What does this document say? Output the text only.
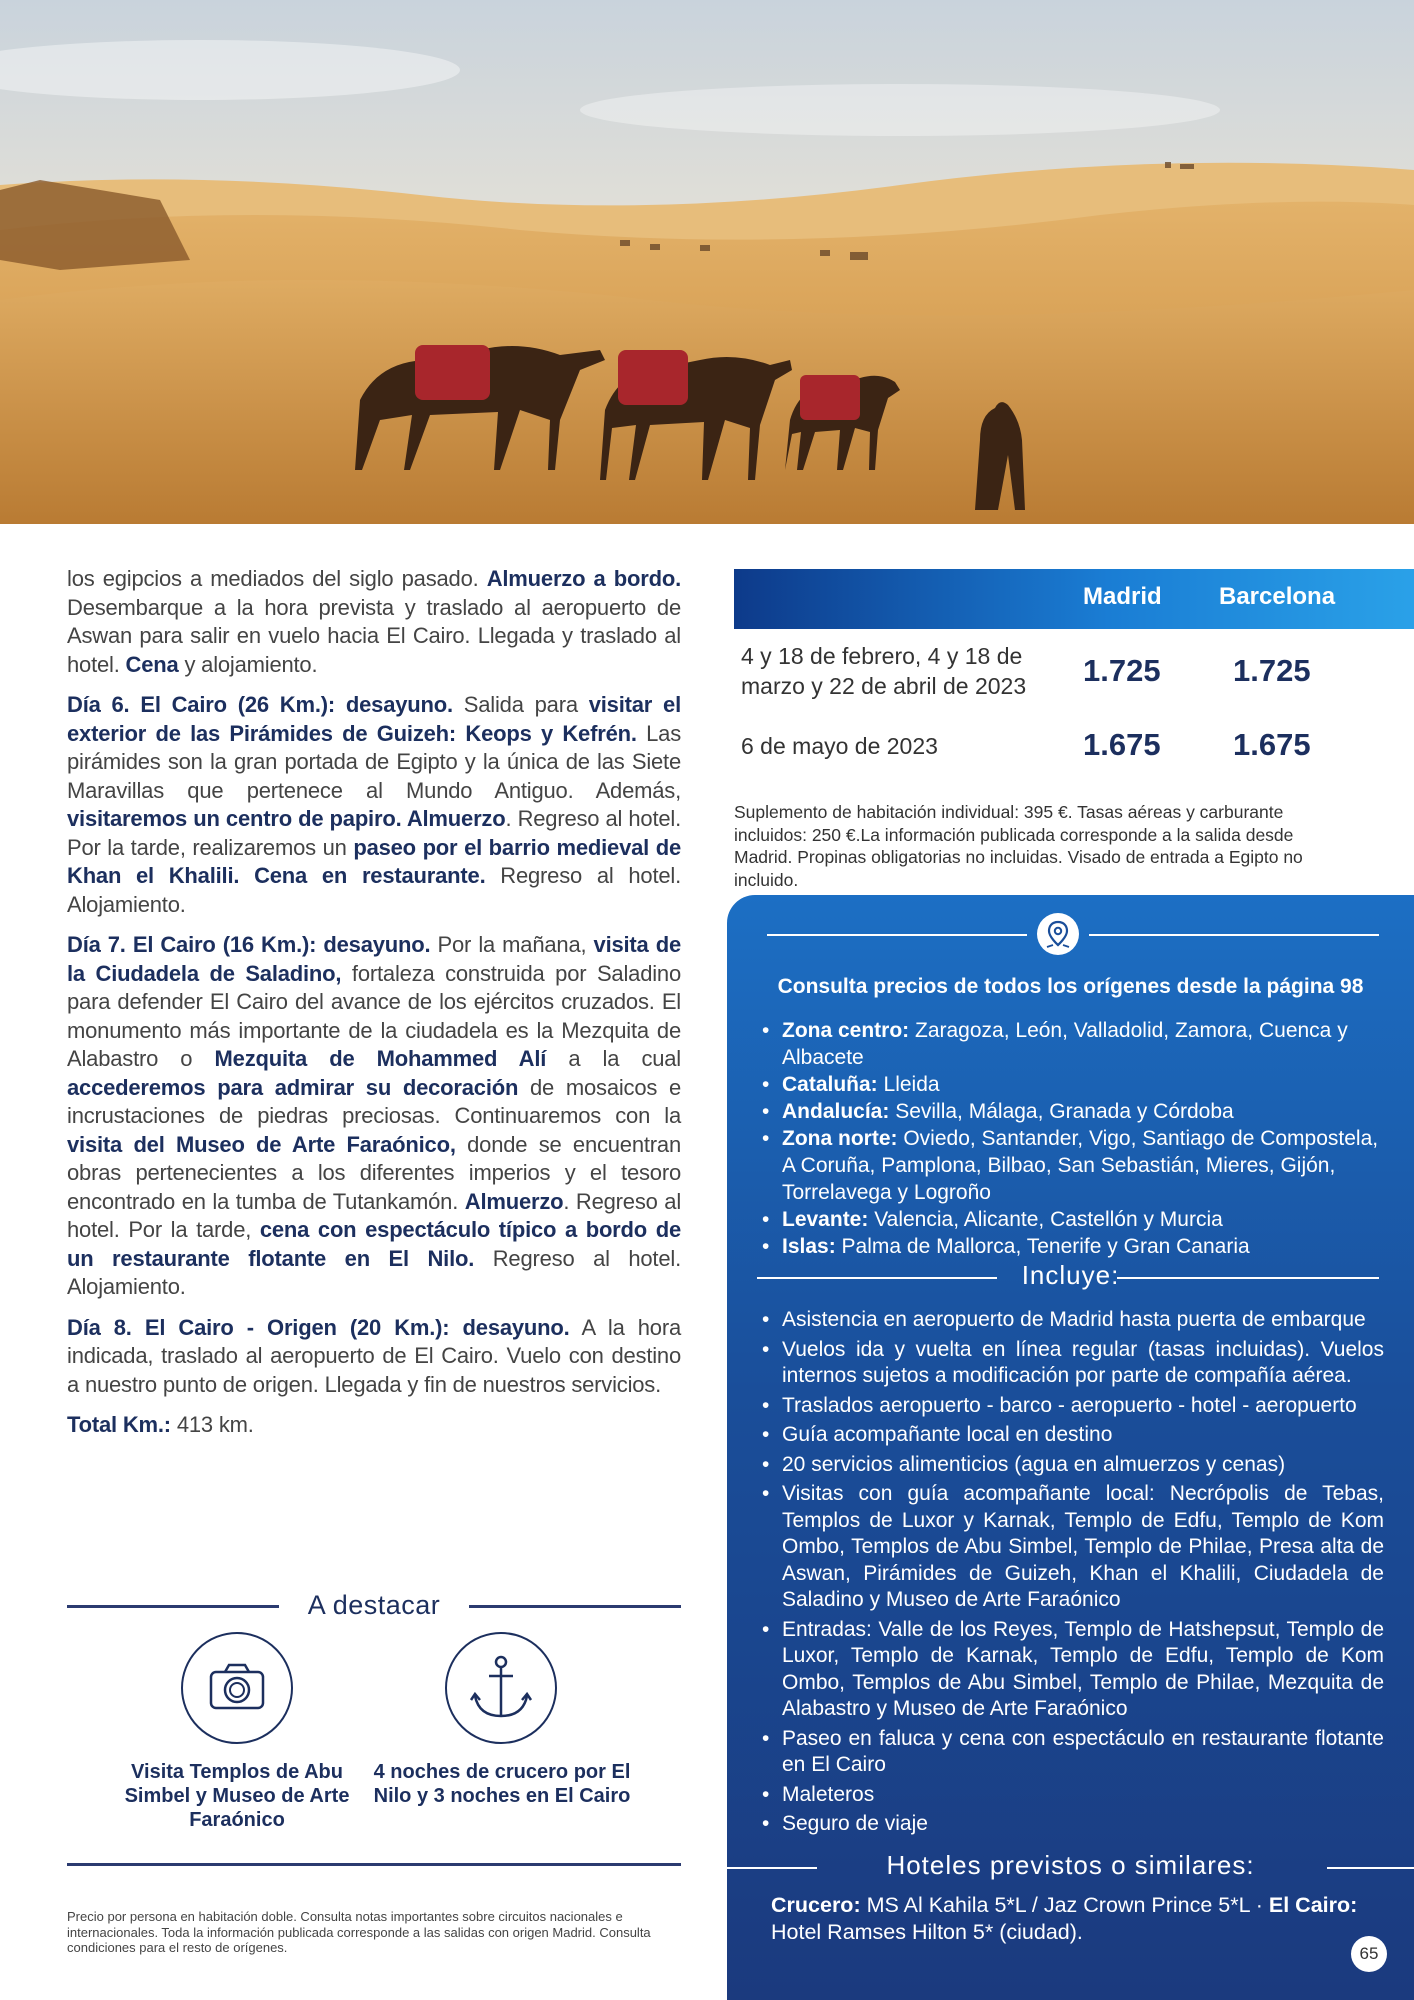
los egipcios a mediados del siglo pasado. Almuerzo a bordo. Desembarque a la hora prevista y traslado al aeropuerto de Aswan para salir en vuelo hacia El Cairo. Llegada y traslado al hotel. Cena y alojamiento.

Día 6. El Cairo (26 Km.): desayuno. Salida para visitar el exterior de las Pirámides de Guizeh: Keops y Kefrén. Las pirámides son la gran portada de Egipto y la única de las Siete Maravillas que pertenece al Mundo Antiguo. Además, visitaremos un centro de papiro. Almuerzo. Regreso al hotel. Por la tarde, realizaremos un paseo por el barrio medieval de Khan el Khalili. Cena en restaurante. Regreso al hotel. Alojamiento.

Día 7. El Cairo (16 Km.): desayuno. Por la mañana, visita de la Ciudadela de Saladino, fortaleza construida por Saladino para defender El Cairo del avance de los ejércitos cruzados. El monumento más importante de la ciudadela es la Mezquita de Alabastro o Mezquita de Mohammed Alí a la cual accederemos para admirar su decoración de mosaicos e incrustaciones de piedras preciosas. Continuaremos con la visita del Museo de Arte Faraónico, donde se encuentran obras pertenecientes a los diferentes imperios y el tesoro encontrado en la tumba de Tutankamón. Almuerzo. Regreso al hotel. Por la tarde, cena con espectáculo típico a bordo de un restaurante flotante en El Nilo. Regreso al hotel. Alojamiento.

Día 8. El Cairo - Origen (20 Km.): desayuno. A la hora indicada, traslado al aeropuerto de El Cairo. Vuelo con destino a nuestro punto de origen. Llegada y fin de nuestros servicios.

Total Km.: 413 km.

Madrid Barcelona
4 y 18 de febrero, 4 y 18 de marzo y 22 de abril de 2023	1.725 1.725
6 de mayo de 2023	1.675 1.675
Suplemento de habitación individual: 395 €. Tasas aéreas y carburante incluidos: 250 €.La información publicada corresponde a la salida desde Madrid. Propinas obligatorias no incluidas. Visado de entrada a Egipto no incluido.
Consulta precios de todos los orígenes desde la página 98
• Zona centro: Zaragoza, León, Valladolid, Zamora, Cuenca y Albacete
• Cataluña: Lleida
• Andalucía: Sevilla, Málaga, Granada y Córdoba
• Zona norte: Oviedo, Santander, Vigo, Santiago de Compostela, A Coruña, Pamplona, Bilbao, San Sebastián, Mieres, Gijón, Torrelavega y Logroño
• Levante: Valencia, Alicante, Castellón y Murcia
• Islas: Palma de Mallorca, Tenerife y Gran Canaria
Incluye:
• Asistencia en aeropuerto de Madrid hasta puerta de embarque
• Vuelos ida y vuelta en línea regular (tasas incluidas). Vuelos internos sujetos a modificación por parte de compañía aérea.
• Traslados aeropuerto - barco - aeropuerto - hotel - aeropuerto
• Guía acompañante local en destino
• 20 servicios alimenticios (agua en almuerzos y cenas)
• Visitas con guía acompañante local: Necrópolis de Tebas, Templos de Luxor y Karnak, Templo de Edfu, Templo de Kom Ombo, Templos de Abu Simbel, Templo de Philae, Presa alta de Aswan, Pirámides de Guizeh, Khan el Khalili, Ciudadela de Saladino y Museo de Arte Faraónico
• Entradas: Valle de los Reyes, Templo de Hatshepsut, Templo de Luxor, Templo de Karnak, Templo de Edfu, Templo de Kom Ombo, Templos de Abu Simbel, Templo de Philae, Mezquita de Alabastro y Museo de Arte Faraónico
• Paseo en faluca y cena con espectáculo en restaurante flotante en El Cairo
• Maleteros
• Seguro de viaje
Hoteles previstos o similares:
Crucero: MS Al Kahila 5*L / Jaz Crown Prince 5*L · El Cairo: Hotel Ramses Hilton 5* (ciudad).
A destacar
Visita Templos de Abu Simbel y Museo de Arte Faraónico
4 noches de crucero por El Nilo y 3 noches en El Cairo
Precio por persona en habitación doble. Consulta notas importantes sobre circuitos nacionales e internacionales. Toda la información publicada corresponde a las salidas con origen Madrid. Consulta condiciones para el resto de orígenes.	65
